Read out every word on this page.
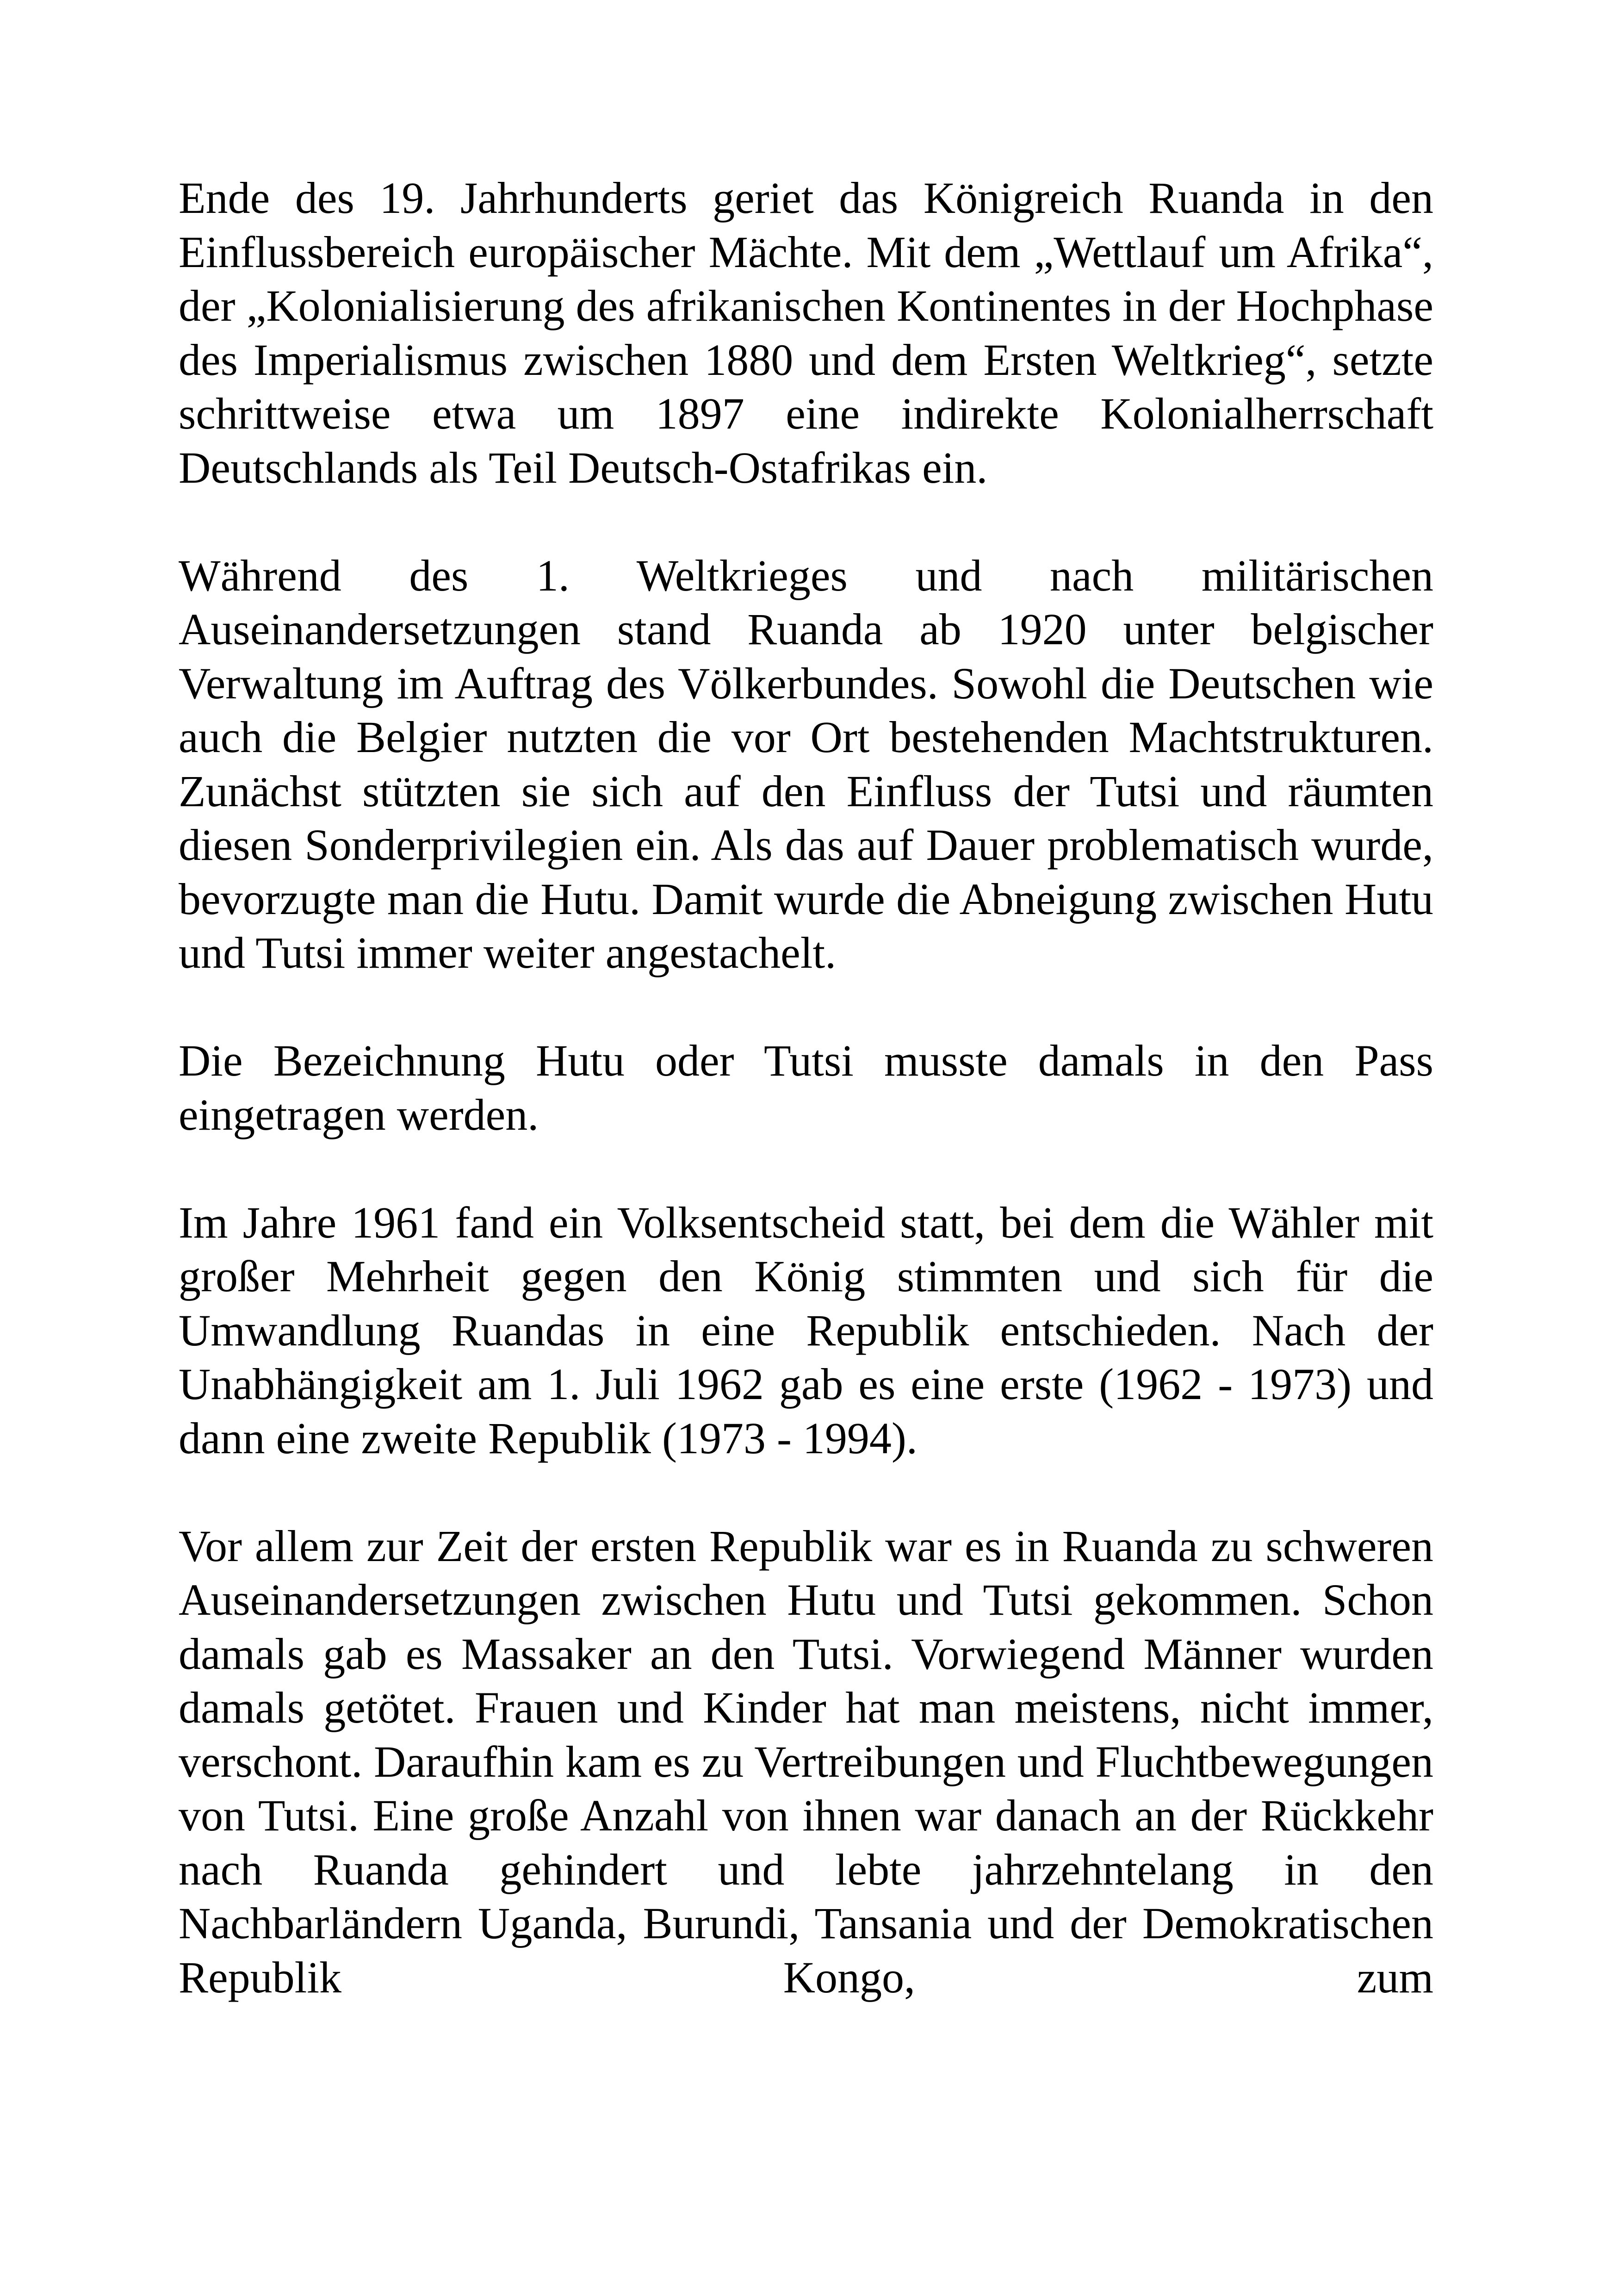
Ende des 19. Jahrhunderts geriet das Königreich Ruanda in den Einflussbereich europäischer Mächte. Mit dem „Wettlauf um Afrika“, der „Kolonialisierung des afrikanischen Kontinentes in der Hochphase des Imperialismus zwischen 1880 und dem Ersten Weltkrieg“, setzte schrittweise etwa um 1897 eine indirekte Kolonialherrschaft Deutschlands als Teil Deutsch-Ostafrikas ein.

Während des 1. Weltkrieges und nach militärischen Auseinandersetzungen stand Ruanda ab 1920 unter belgischer Verwaltung im Auftrag des Völkerbundes. Sowohl die Deutschen wie auch die Belgier nutzten die vor Ort bestehenden Machtstrukturen. Zunächst stützten sie sich auf den Einfluss der Tutsi und räumten diesen Sonderprivilegien ein. Als das auf Dauer problematisch wurde, bevorzugte man die Hutu. Damit wurde die Abneigung zwischen Hutu und Tutsi immer weiter angestachelt.

Die Bezeichnung Hutu oder Tutsi musste damals in den Pass eingetragen werden.

Im Jahre 1961 fand ein Volksentscheid statt, bei dem die Wähler mit großer Mehrheit gegen den König stimmten und sich für die Umwandlung Ruandas in eine Republik entschieden. Nach der Unabhängigkeit am 1. Juli 1962 gab es eine erste (1962 - 1973) und dann eine zweite Republik (1973 - 1994).

Vor allem zur Zeit der ersten Republik war es in Ruanda zu schweren Auseinandersetzungen zwischen Hutu und Tutsi gekommen. Schon damals gab es Massaker an den Tutsi. Vorwiegend Männer wurden damals getötet. Frauen und Kinder hat man meistens, nicht immer, verschont. Daraufhin kam es zu Vertreibungen und Fluchtbewegungen von Tutsi. Eine große Anzahl von ihnen war danach an der Rückkehr nach Ruanda gehindert und lebte jahrzehntelang in den Nachbarländern Uganda, Burundi, Tansania und der Demokratischen Republik Kongo, zum
